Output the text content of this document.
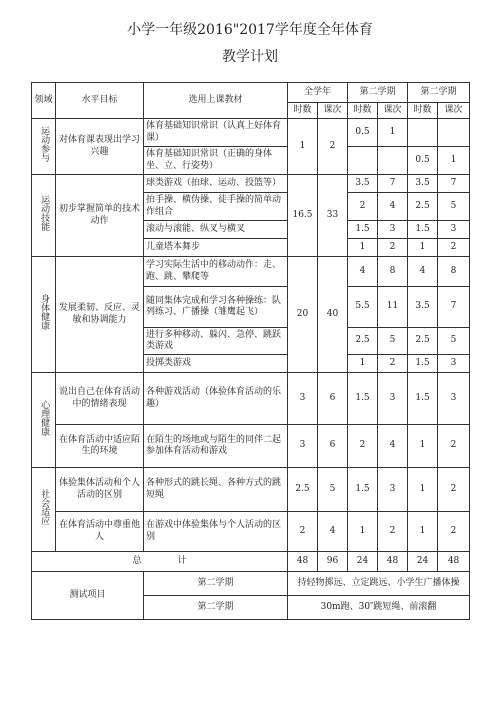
小学一年级2016"2017学年度全年体育
教学计划
领域	水平目标	选用上课教材	全学年		第二学期		第二学期	
			时数	课次	时数	课次	时数	课次
运动参与	对体育课表现出学习兴趣	体育基础知识常识（认真上好体育课）	1	2	0.5	1		
		体育基础知识常识（正确的身体坐、立、行姿势）					0.5	1
运动技能	初步掌握简单的技术动作	球类游戏（拍球、运动、投篮等）	16.5	33	3.5	7	3.5	7
		拍手操、横伪操、徒手操的简单动作组合			2	4	2.5	5
		滚动与滚能、纵叉与横叉			1.5	3	1.5	3
		儿童塔本舞步			1	2	1	2
身体健康	发展柔韧、反应、灵敏和协调能力	学习实际生活中的移动动作：走、跑、跳、攀爬等	20	40	4	8	4	8
		随同集体完成和学习各种操练：队列练习、广播操（雏鹰起飞）			5.5	11	3.5	7
		进行多种移动、躲闪、急停、跳跃类游戏			2.5	5	2.5	5
		投掷类游戏			1	2	1.5	3
心理健康	说出自己在体育活动中的情绪表现	各种游戏活动（体验体育活动的乐趣）	3	6	1.5	3	1.5	3
	在体育活动中适应陌生的环境	在陌生的场地或与陌生的同伴二起参加体育活动和游戏	3	6	2	4	1	2
社会适应	体验集体活动和个人活动的区别	各种形式的跳长绳、各种方式的跳短绳	2.5	5	1.5	3	1	2
	在体育活动中尊重他人	在游戏中体验集体与个人活动的区别	2	4	1	2	1	2
总　　　　计			48	96	24	48	24	48
测试项目		第二学期	持轻物掷远、立定跳远、小学生广播体操					
		第二学期	30m跑、30″跳短绳、前滚翻					
